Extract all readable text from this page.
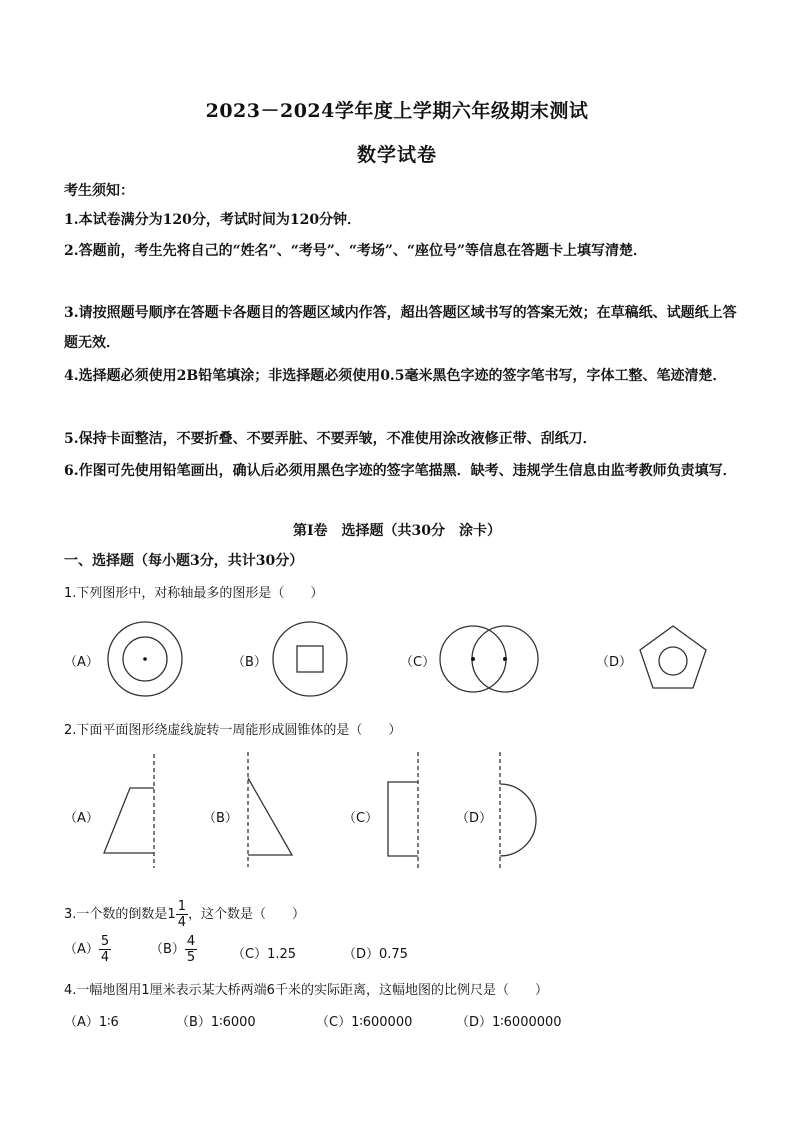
2023－2024学年度上学期六年级期末测试
数学试卷
考生须知：
1.本试卷满分为120分，考试时间为120分钟．
2.答题前，考生先将自己的“姓名”、“考号”、“考场”、“座位号”等信息在答题卡上填写清楚．
3.请按照题号顺序在答题卡各题目的答题区域内作答，超出答题区域书写的答案无效；在草稿纸、试题纸上答题无效．
4.选择题必须使用2B铅笔填涂；非选择题必须使用0.5毫米黑色字迹的签字笔书写，字体工整、笔迹清楚．
5.保持卡面整洁，不要折叠、不要弄脏、不要弄皱，不准使用涂改液修正带、刮纸刀．
6.作图可先使用铅笔画出，确认后必须用黑色字迹的签字笔描黑．缺考、违规学生信息由监考教师负责填写．
第Ⅰ卷　选择题（共30分　涂卡）
一、选择题（每小题3分，共计30分）
1.下列图形中，对称轴最多的图形是（　　）
（A）	（B）	（C）	（D）
2.下面平面图形绕虚线旋转一周能形成圆锥体的是（　　）
（A）	（B）	（C）	（D）
3.一个数的倒数是$1 \frac{1}{4}$ ，这个数是（　　）
$(A) \frac{5}{4}$	$(B) \frac{4}{5}$	（C）1.25	（D）0.75
4.一幅地图用1厘米表示某大桥两端6千米的实际距离，这幅地图的比例尺是（　　）
（A）1∶6	（B）1∶6000	（C）1∶600000	（D）1∶6000000
